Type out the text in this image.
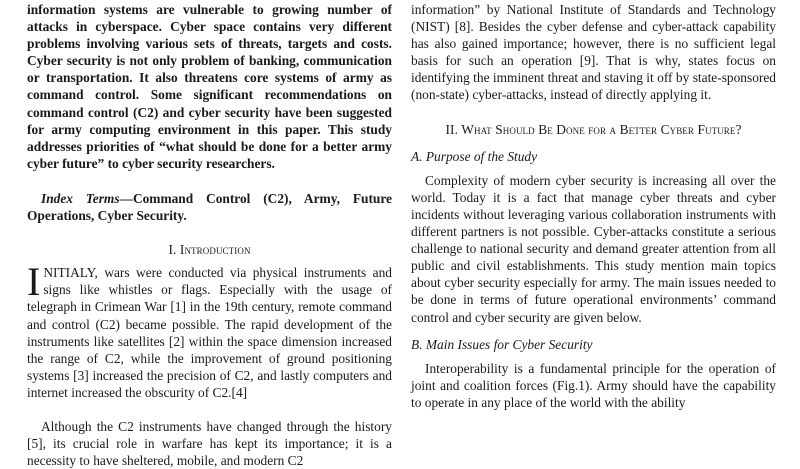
information systems are vulnerable to growing number of attacks in cyberspace. Cyber space contains very different problems involving various sets of threats, targets and costs. Cyber security is not only problem of banking, communication or transportation. It also threatens core systems of army as command control. Some significant recommendations on command control (C2) and cyber security have been suggested for army computing environment in this paper. This study addresses priorities of “what should be done for a better army cyber future” to cyber security researchers.

Index Terms—Command Control (C2), Army, Future Operations, Cyber Security.

I. Introduction

INITIALY, wars were conducted via physical instruments and signs like whistles or flags. Especially with the usage of telegraph in Crimean War [1] in the 19th century, remote command and control (C2) became possible. The rapid development of the instruments like satellites [2] within the space dimension increased the range of C2, while the improvement of ground positioning systems [3] increased the precision of C2, and lastly computers and internet increased the obscurity of C2.[4]

Although the C2 instruments have changed through the history [5], its crucial role in warfare has kept its importance; it is a necessity to have sheltered, mobile, and modern C2

information” by National Institute of Standards and Technology (NIST) [8]. Besides the cyber defense and cyber-attack capability has also gained importance; however, there is no sufficient legal basis for such an operation [9]. That is why, states focus on identifying the imminent threat and staving it off by state-sponsored (non-state) cyber-attacks, instead of directly applying it.

II. What Should Be Done for a Better Cyber Future?
A. Purpose of the Study

Complexity of modern cyber security is increasing all over the world. Today it is a fact that manage cyber threats and cyber incidents without leveraging various collaboration instruments with different partners is not possible. Cyber-attacks constitute a serious challenge to national security and demand greater attention from all public and civil establishments. This study mention main topics about cyber security especially for army. The main issues needed to be done in terms of future operational environments’ command control and cyber security are given below.

B. Main Issues for Cyber Security

Interoperability is a fundamental principle for the operation of joint and coalition forces (Fig.1). Army should have the capability to operate in any place of the world with the ability
